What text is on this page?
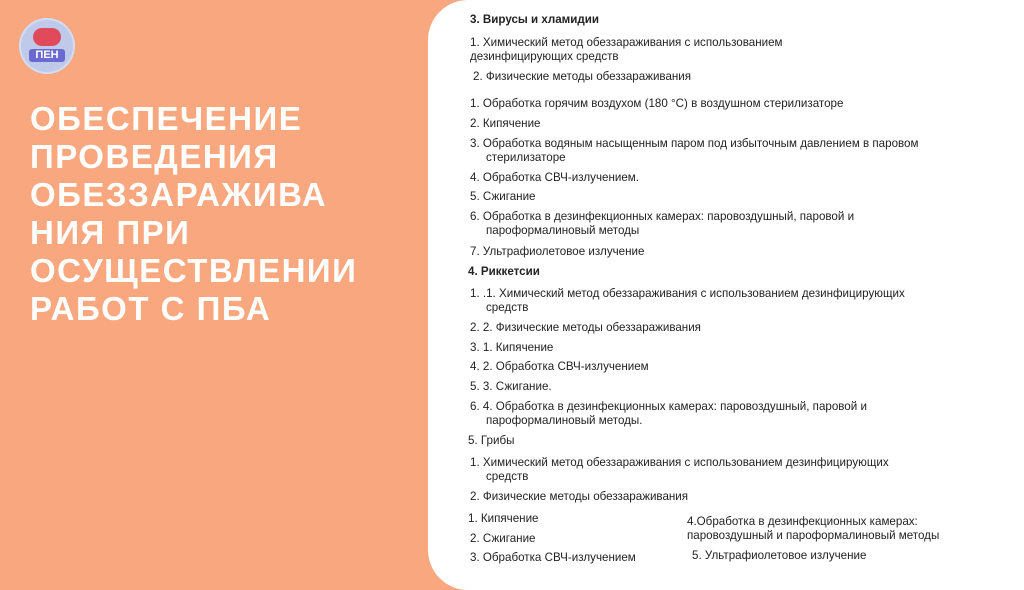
ПЕН
ОБЕСПЕЧЕНИЕ
ПРОВЕДЕНИЯ
ОБЕЗЗАРАЖИВА
НИЯ ПРИ
ОСУЩЕСТВЛЕНИИ
РАБОТ С ПБА
3. Вирусы и хламидии
1. Химический метод обеззараживания с использованием
дезинфицирующих средств
2. Физические методы обеззараживания
1. Обработка горячим воздухом (180 °С) в воздушном стерилизаторе
2. Кипячение
3. Обработка водяным насыщенным паром под избыточным давлением в паровом
стерилизаторе
4. Обработка СВЧ-излучением.
5. Сжигание
6. Обработка в дезинфекционных камерах: паровоздушный, паровой и
пароформалиновый методы
7. Ультрафиолетовое излучение
4. Риккетсии
1. .1. Химический метод обеззараживания с использованием дезинфицирующих
средств
2. 2. Физические методы обеззараживания
3. 1. Кипячение
4. 2. Обработка СВЧ-излучением
5. 3. Сжигание.
6. 4. Обработка в дезинфекционных камерах: паровоздушный, паровой и
пароформалиновый методы.
5. Грибы
1. Химический метод обеззараживания с использованием дезинфицирующих
средств
2. Физические методы обеззараживания
1. Кипячение
2. Сжигание
3. Обработка СВЧ-излучением
4.Обработка в дезинфекционных камерах:
паровоздушный и пароформалиновый методы
5. Ультрафиолетовое излучение
